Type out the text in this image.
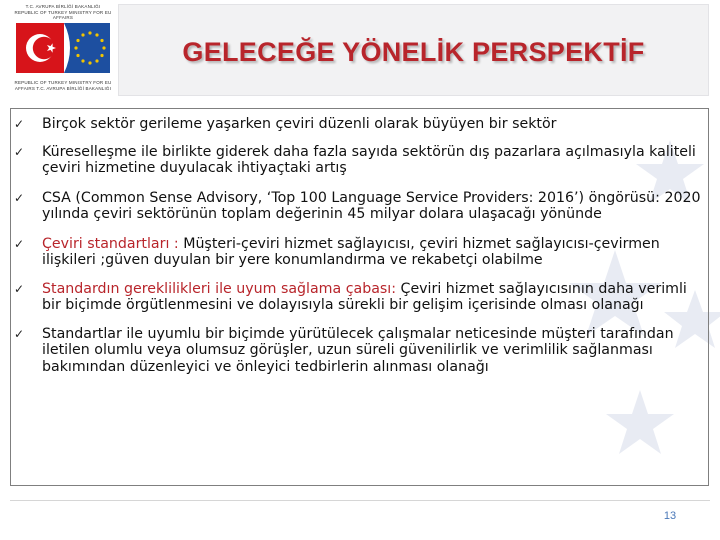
T.C. AVRUPA BİRLİĞİ BAKANLIĞI REPUBLIC OF TURKEY MINISTRY FOR EU AFFAIRS
REPUBLIC OF TURKEY MINISTRY FOR EU AFFAIRS T.C. AVRUPA BİRLİĞİ BAKANLIĞI
GELECEĞE YÖNELİK PERSPEKTİF
✓ Birçok sektör gerileme yaşarken çeviri düzenli olarak büyüyen bir sektör
✓ Küreselleşme ile birlikte giderek daha fazla sayıda sektörün dış pazarlara açılmasıyla kaliteli çeviri hizmetine duyulacak ihtiyaçtaki artış
✓ CSA (Common Sense Advisory, ‘Top 100 Language Service Providers: 2016’) öngörüsü: 2020 yılında çeviri sektörünün toplam değerinin 45 milyar dolara ulaşacağı yönünde
✓ Çeviri standartları : Müşteri-çeviri hizmet sağlayıcısı, çeviri hizmet sağlayıcısı-çevirmen ilişkileri ;güven duyulan bir yere konumlandırma ve rekabetçi olabilme
✓ Standardın gereklilikleri ile uyum sağlama çabası: Çeviri hizmet sağlayıcısının daha verimli bir biçimde örgütlenmesini ve dolayısıyla sürekli bir gelişim içerisinde olması olanağı
✓ Standartlar ile uyumlu bir biçimde yürütülecek çalışmalar neticesinde müşteri tarafından iletilen olumlu veya olumsuz görüşler, uzun süreli güvenilirlik ve verimlilik sağlanması bakımından düzenleyici ve önleyici tedbirlerin alınması olanağı
13
